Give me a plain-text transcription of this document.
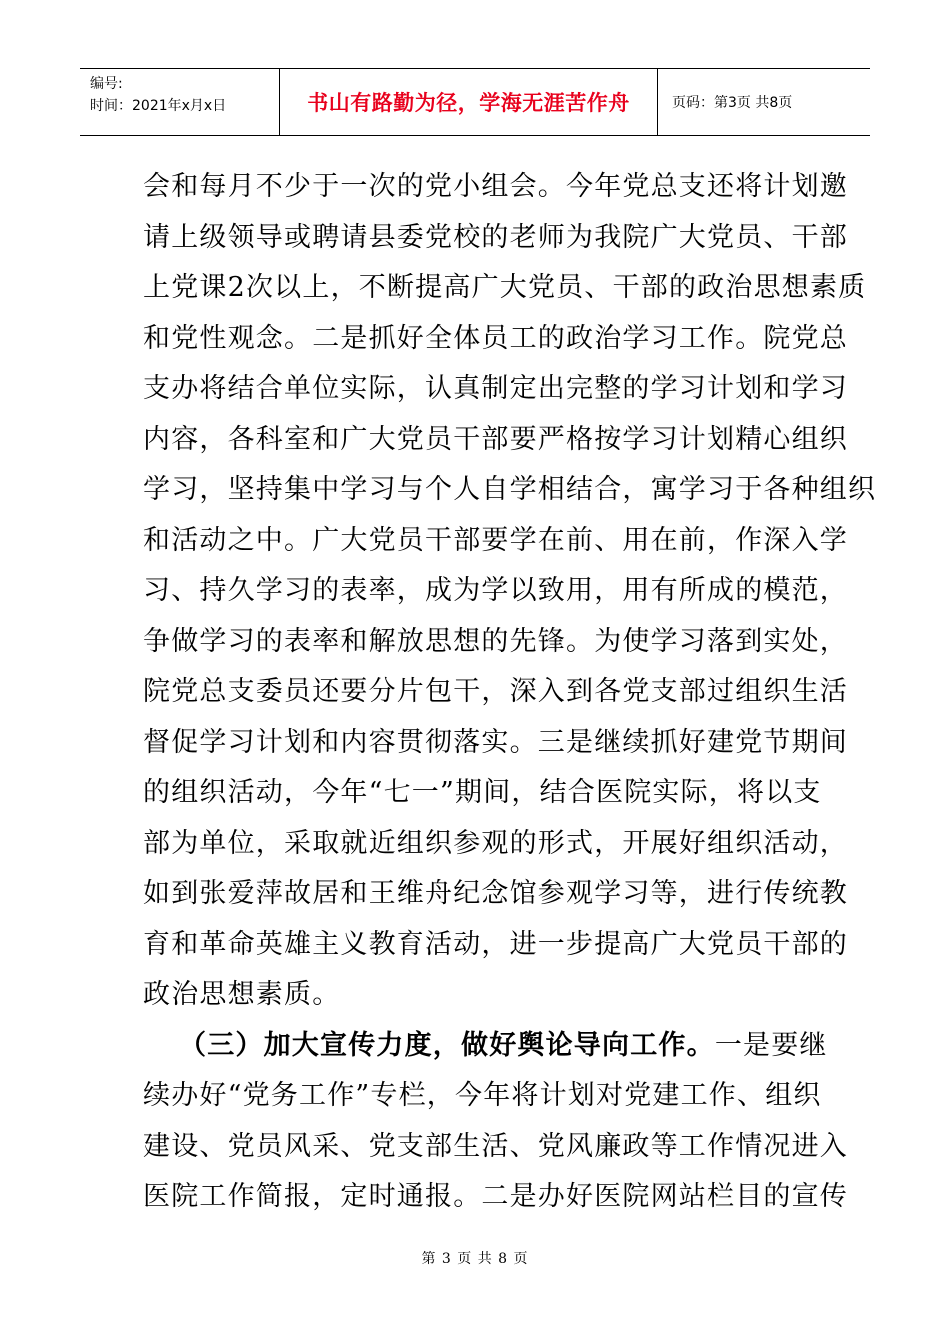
编号:
时间：2021年x月x日	书山有路勤为径，学海无涯苦作舟	页码：第3页 共8页
会和每月不少于一次的党小组会。今年党总支还将计划邀
请上级领导或聘请县委党校的老师为我院广大党员、干部
上党课2次以上，不断提高广大党员、干部的政治思想素质
和党性观念。二是抓好全体员工的政治学习工作。院党总
支办将结合单位实际，认真制定出完整的学习计划和学习
内容，各科室和广大党员干部要严格按学习计划精心组织
学习，坚持集中学习与个人自学相结合，寓学习于各种组织
和活动之中。广大党员干部要学在前、用在前，作深入学
习、持久学习的表率，成为学以致用，用有所成的模范，
争做学习的表率和解放思想的先锋。为使学习落到实处，
院党总支委员还要分片包干，深入到各党支部过组织生活
督促学习计划和内容贯彻落实。三是继续抓好建党节期间
的组织活动，今年“七一”期间，结合医院实际，将以支
部为单位，采取就近组织参观的形式，开展好组织活动，
如到张爱萍故居和王维舟纪念馆参观学习等，进行传统教
育和革命英雄主义教育活动，进一步提高广大党员干部的
政治思想素质。
（三）加大宣传力度，做好舆论导向工作。一是要继
续办好“党务工作”专栏，今年将计划对党建工作、组织
建设、党员风采、党支部生活、党风廉政等工作情况进入
医院工作简报，定时通报。二是办好医院网站栏目的宣传
第 3 页 共 8 页
